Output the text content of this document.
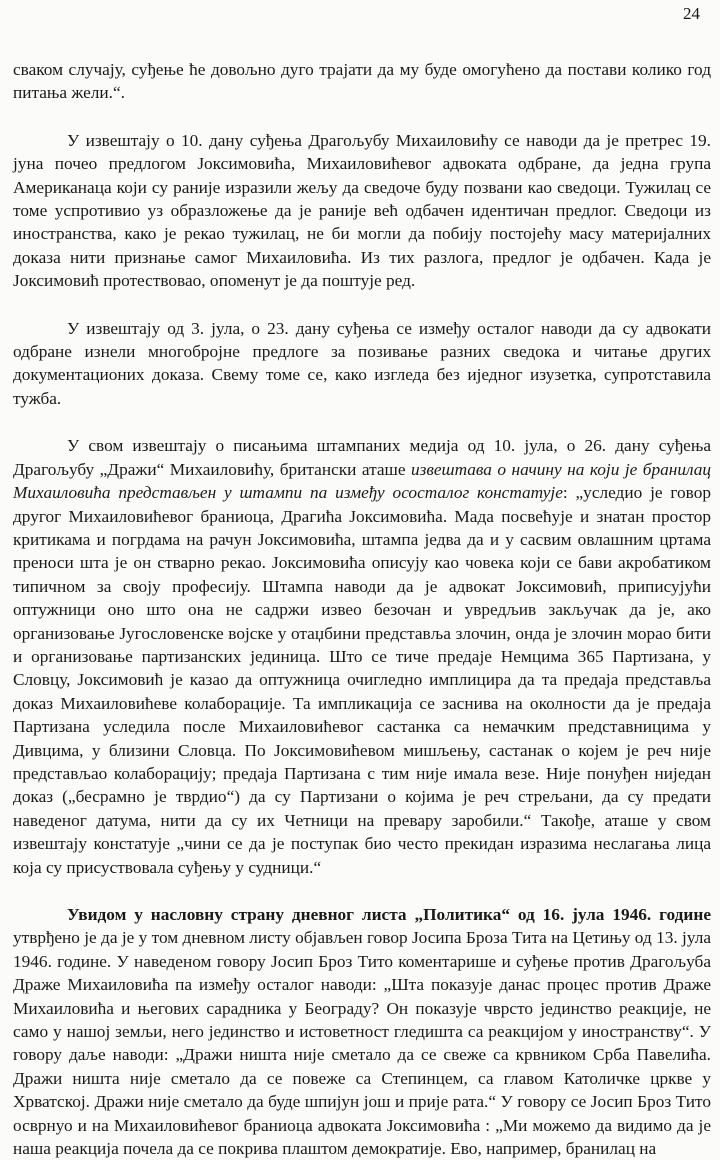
24

сваком случају, суђење ће довољно дуго трајати да му буде омогућено да постави колико год питања жели.“.

У извештају о 10. дану суђења Драгољубу Михаиловићу се наводи да је претрес 19. јуна почео предлогом Јоксимовића, Михаиловићевог адвоката одбране, да једна група Американаца који су раније изразили жељу да сведоче буду позвани као сведоци. Тужилац се томе успротивио уз образложење да је раније већ одбачен идентичан предлог. Сведоци из иностранства, како је рекао тужилац, не би могли да побију постојећу масу материјалних доказа нити признање самог Михаиловића. Из тих разлога, предлог је одбачен. Када је Јоксимовић протествовао, опоменут је да поштује ред.

У извештају од 3. јула, о 23. дану суђења се између осталог наводи да су адвокати одбране изнели многобројне предлоге за позивање разних сведока и читање других документационих доказа. Свему томе се, како изгледа без иједног изузетка, супротставила тужба.

У свом извештају о писањима штампаних медија од 10. јула, о 26. дану суђења Драгољубу „Дражи“ Михаиловићу, британски аташе извештава о начину на који је бранилац Михаиловића представљен у штампи па између ососталог констатује: „уследио је говор другог Михаиловићевог браниоца, Драгића Јоксимовића. Мада посвећује и знатан простор критикама и погрдама на рачун Јоксимовића, штампа једва да и у сасвим овлашним цртама преноси шта је он стварно рекао. Јоксимовића описују као човека који се бави акробатиком типичном за своју професију. Штампа наводи да је адвокат Јоксимовић, приписујући оптужници оно што она не садржи извео безочан и увредљив закључак да је, ако организовање Југословенске војске у отаџбини представља злочин, онда је злочин морао бити и организовање партизанских јединица. Што се тиче предаје Немцима 365 Партизана, у Словцу, Јоксимовић је казао да оптужница очигледно имплицира да та предаја представља доказ Михаиловићеве колаборације. Та импликација се заснива на околности да је предаја Партизана уследила после Михаиловићевог састанка са немачким представницима у Дивцима, у близини Словца. По Јоксимовићевом мишљењу, састанак о којем је реч није представљао колаборацију; предаја Партизана с тим није имала везе. Није понуђен ниједан доказ („бесрамно је тврдио“) да су Партизани о којима је реч стрељани, да су предати наведеног датума, нити да су их Четници на превару заробили.“ Такође, аташе у свом извештају констатује „чини се да је поступак био често прекидан изразима неслагања лица која су присуствовала суђењу у судници.“

Увидом у насловну страну дневног листа „Политика“ од 16. јула 1946. године утврђено је да је у том дневном листу објављен говор Јосипа Броза Тита на Цетињу од 13. јула 1946. године. У наведеном говору Јосип Броз Тито коментарише и суђење против Драгољуба Драже Михаиловића па између осталог наводи: „Шта показује данас процес против Драже Михаиловића и његових сарадника у Београду? Он показује чврсто јединство реакције, не само у нашој земљи, него јединство и истоветност гледишта са реакцијом у иностранству“. У говору даље наводи: „Дражи ништа није сметало да се свеже са крвником Срба Павелића. Дражи ништа није сметало да се повеже са Степинцем, са главом Католичке цркве у Хрватској. Дражи није сметало да буде шпијун још и прије рата.“ У говору се Јосип Броз Тито осврнуо и на Михаиловићевог браниоца адвоката Јоксимовића : „Ми можемо да видимо да је наша реакција почела да се покрива плаштом демократије. Ево, например, бранилац на
